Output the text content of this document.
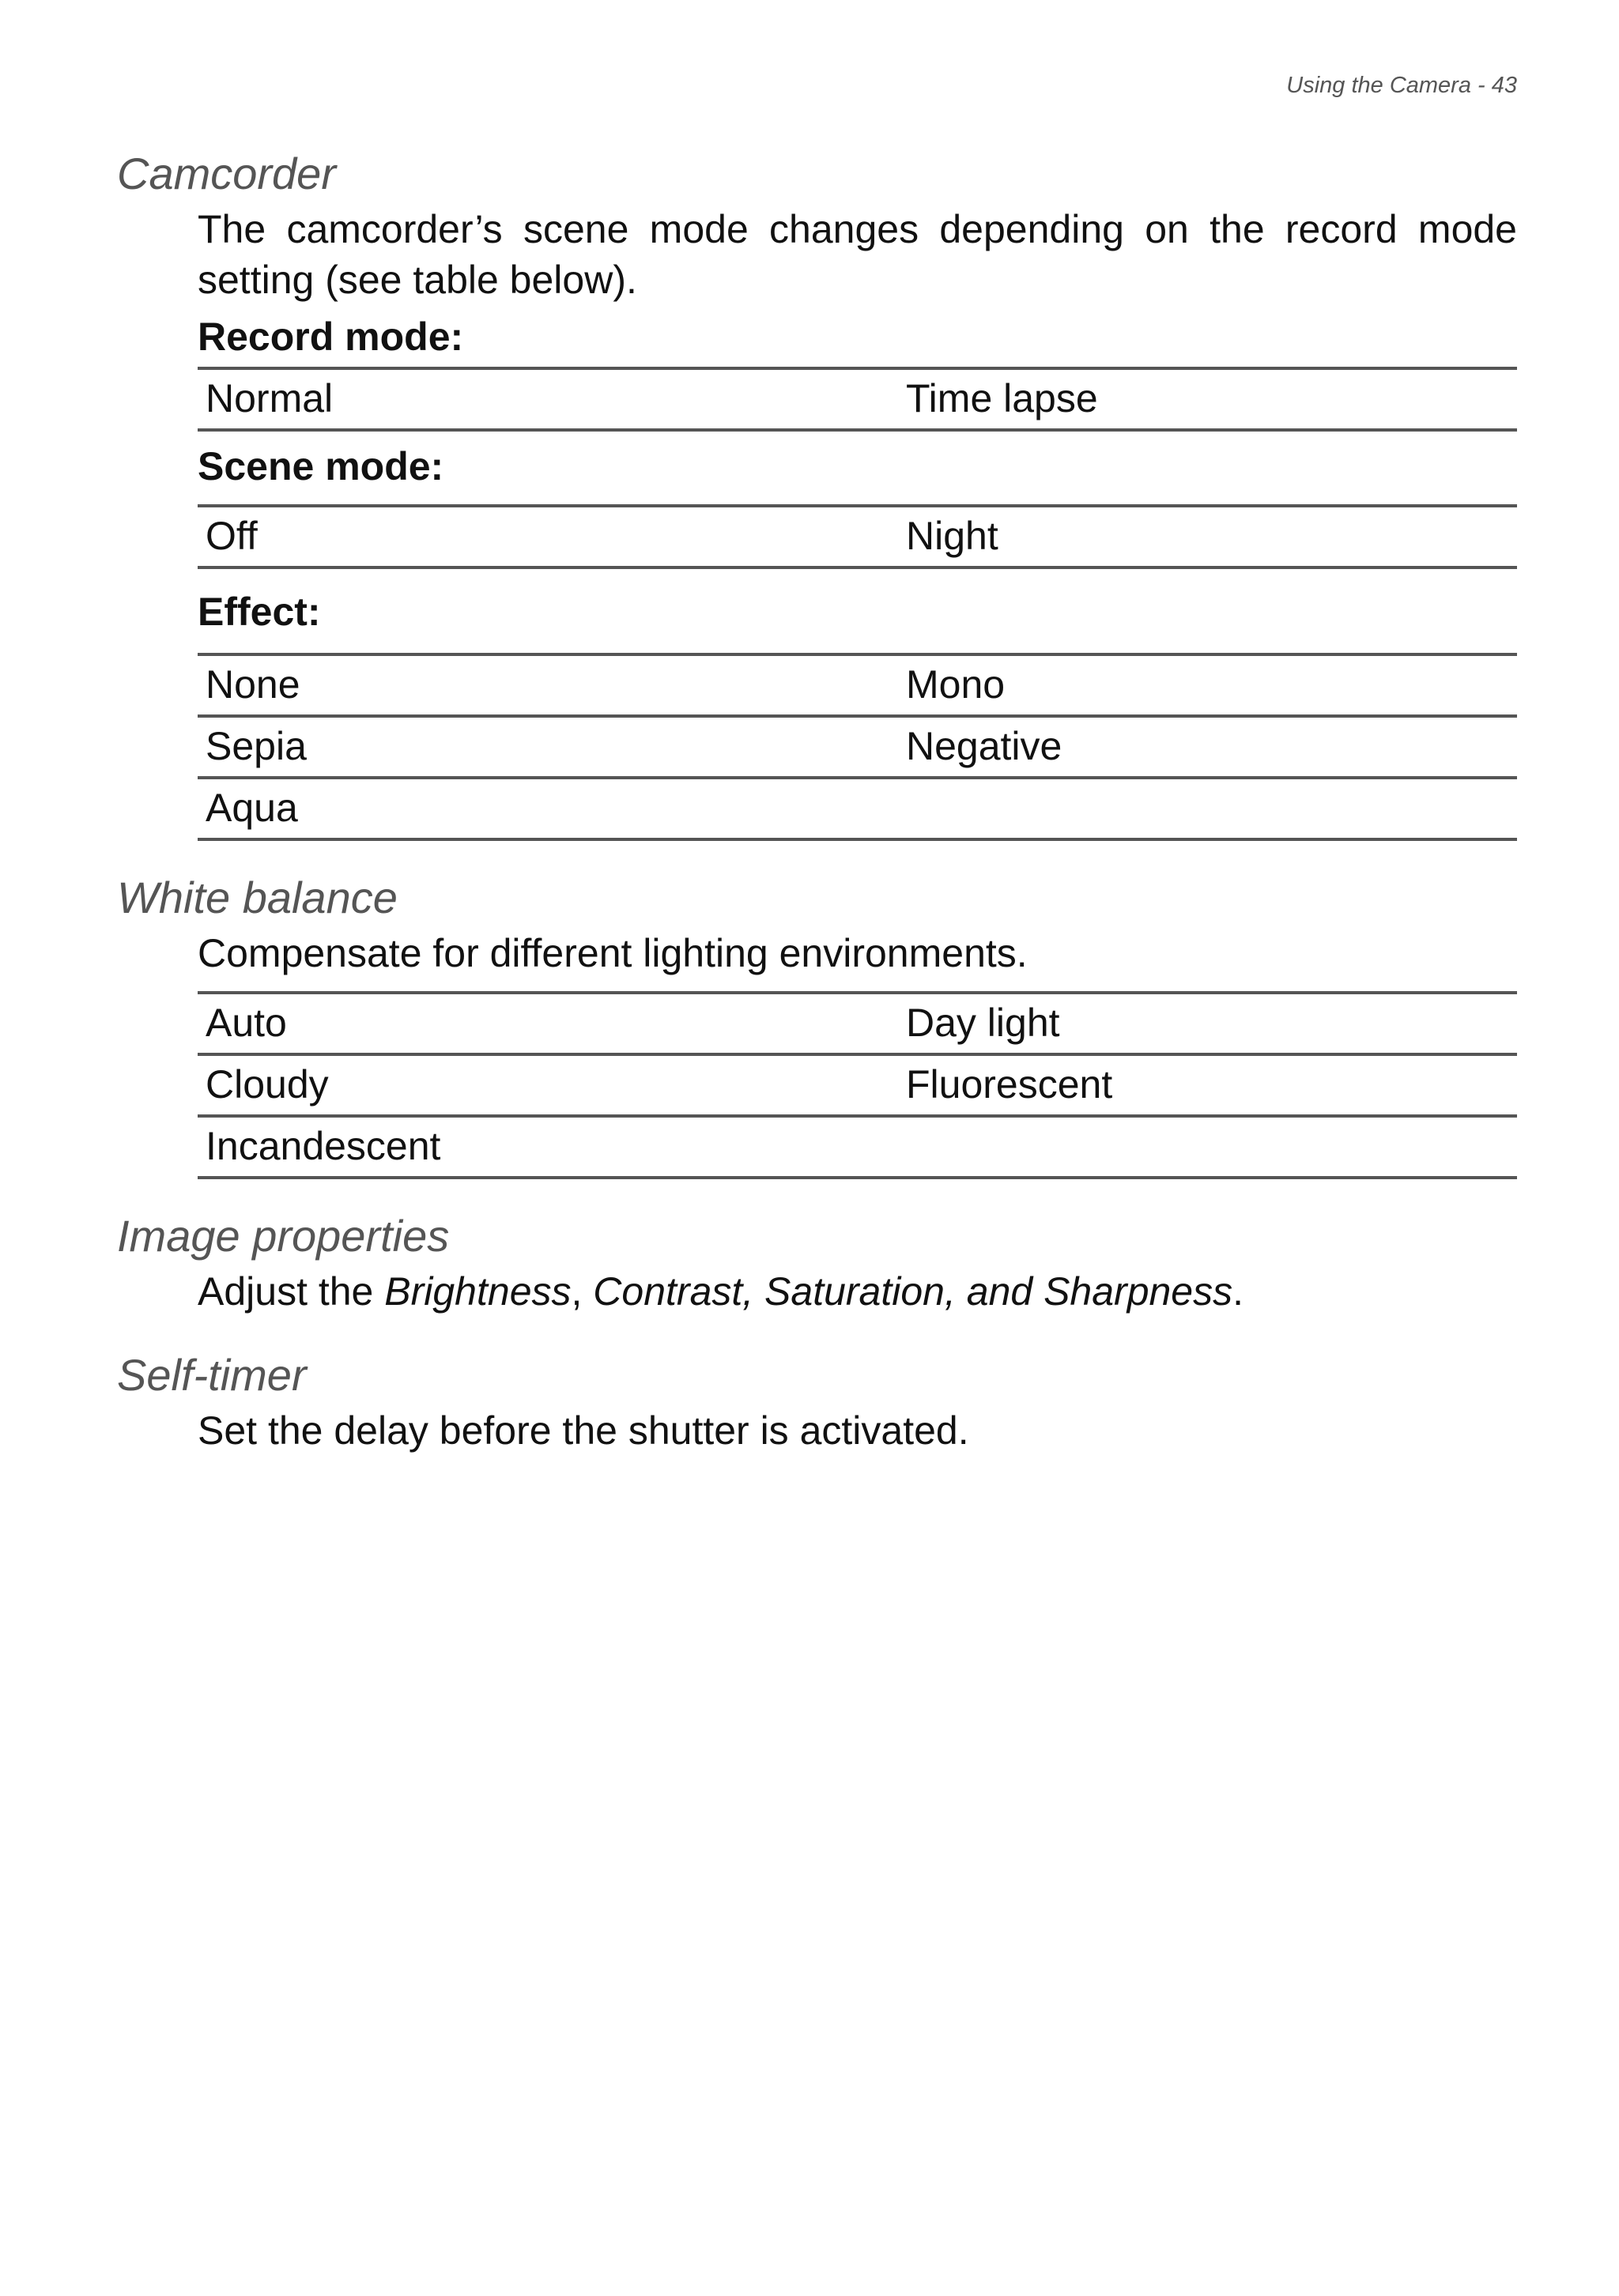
Using the Camera - 43
Camcorder

The camcorder’s scene mode changes depending on the record mode setting (see table below).

Record mode:

Normal	Time lapse

Scene mode:

Off	Night

Effect:

None	Mono
Sepia	Negative
Aqua	
White balance

Compensate for different lighting environments.

Auto	Day light
Cloudy	Fluorescent
Incandescent	
Image properties

Adjust the Brightness, Contrast, Saturation, and Sharpness.

Self-timer

Set the delay before the shutter is activated.
